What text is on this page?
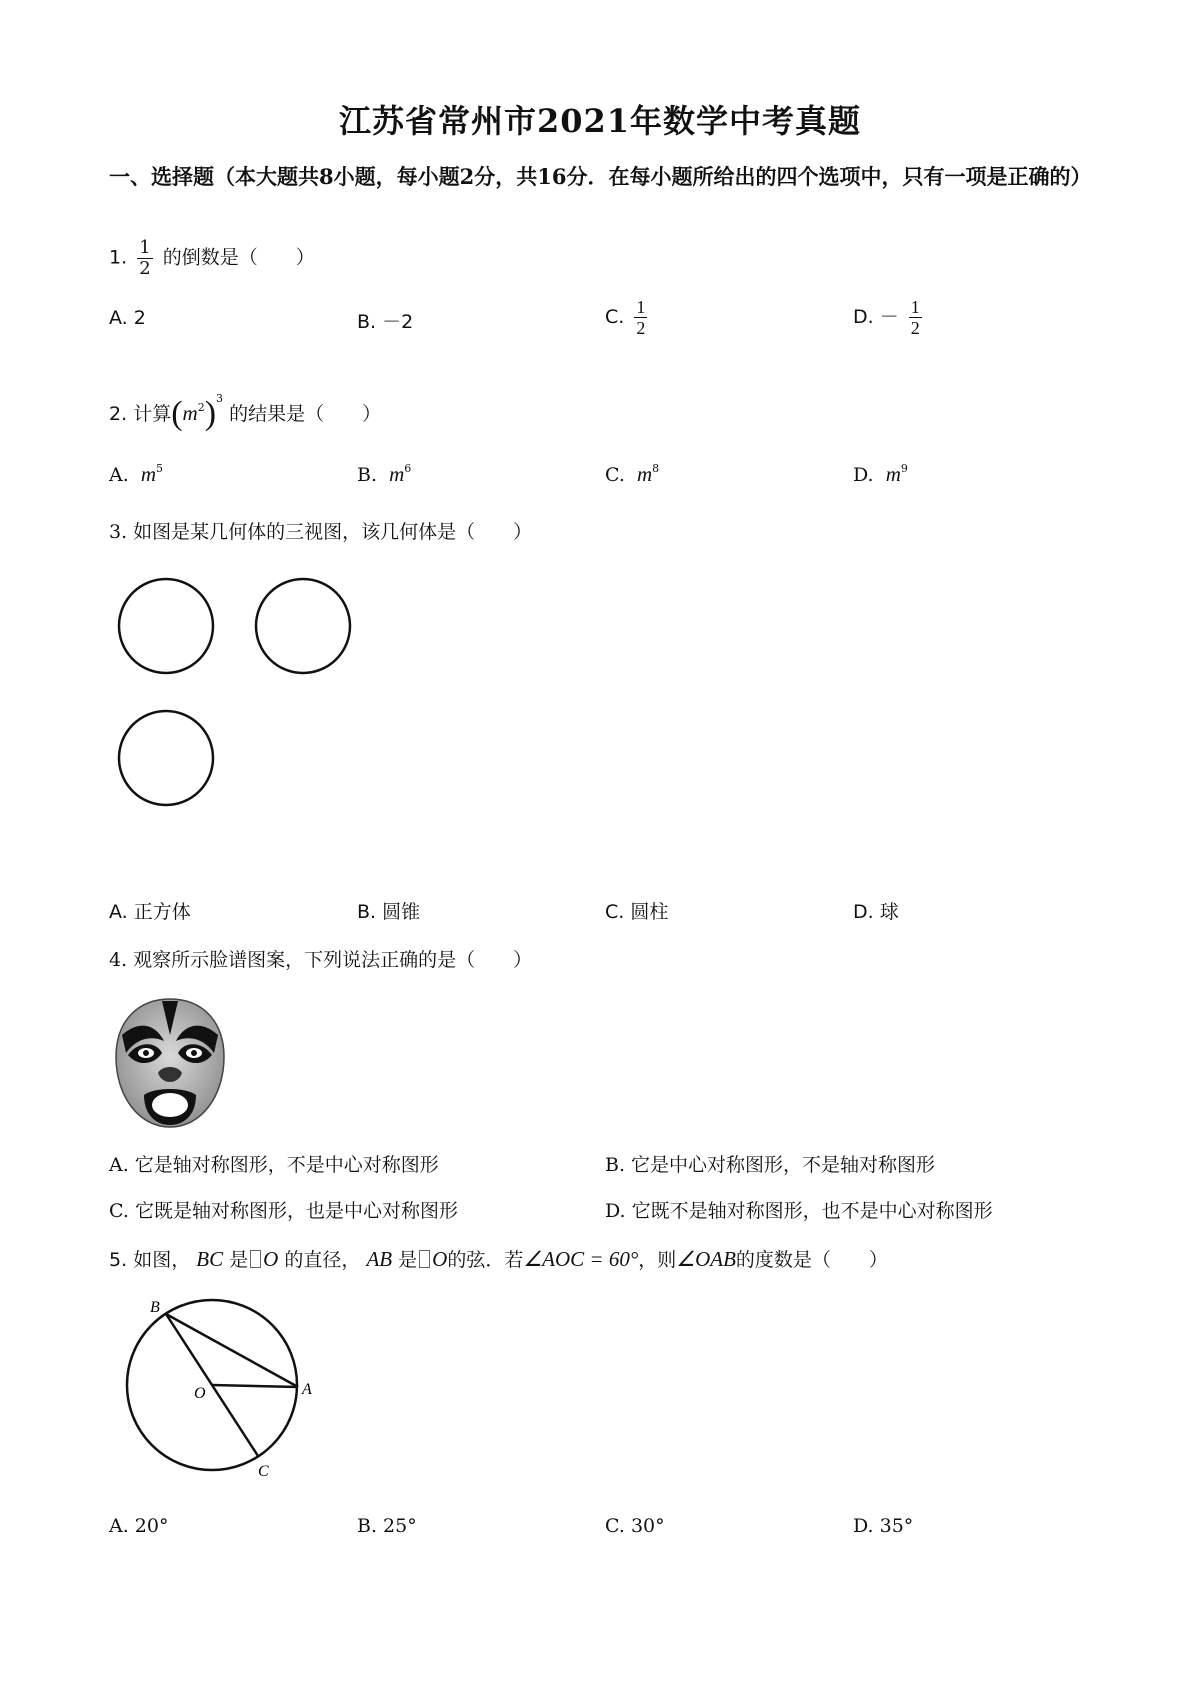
江苏省常州市2021年数学中考真题
一、选择题（本大题共8小题，每小题2分，共16分．在每小题所给出的四个选项中，只有一项是正确的）
1. $\frac{1}{2}$ 的倒数是（　　）
A. 2	B. －2	C. $\frac{1}{2}$	D. － $\frac{1}{2}$
2. 计算$(m^2)^3$ 的结果是（　　）
A. $m^5$	B. $m^6$	C. $m^8$	D. $m^9$
3. 如图是某几何体的三视图，该几何体是（　　）
A. 正方体	B. 圆锥	C. 圆柱	D. 球
4. 观察所示脸谱图案，下列说法正确的是（　　）
A. 它是轴对称图形，不是中心对称图形	B. 它是中心对称图形，不是轴对称图形
C. 它既是轴对称图形，也是中心对称图形	D. 它既不是轴对称图形，也不是中心对称图形
5. 如图， BC 是 O 的直径， AB 是 O的弦．若∠AOC = 60°，则∠OAB的度数是（　　）
B
A
O
C
A. 20°	B. 25°	C. 30°	D. 35°
